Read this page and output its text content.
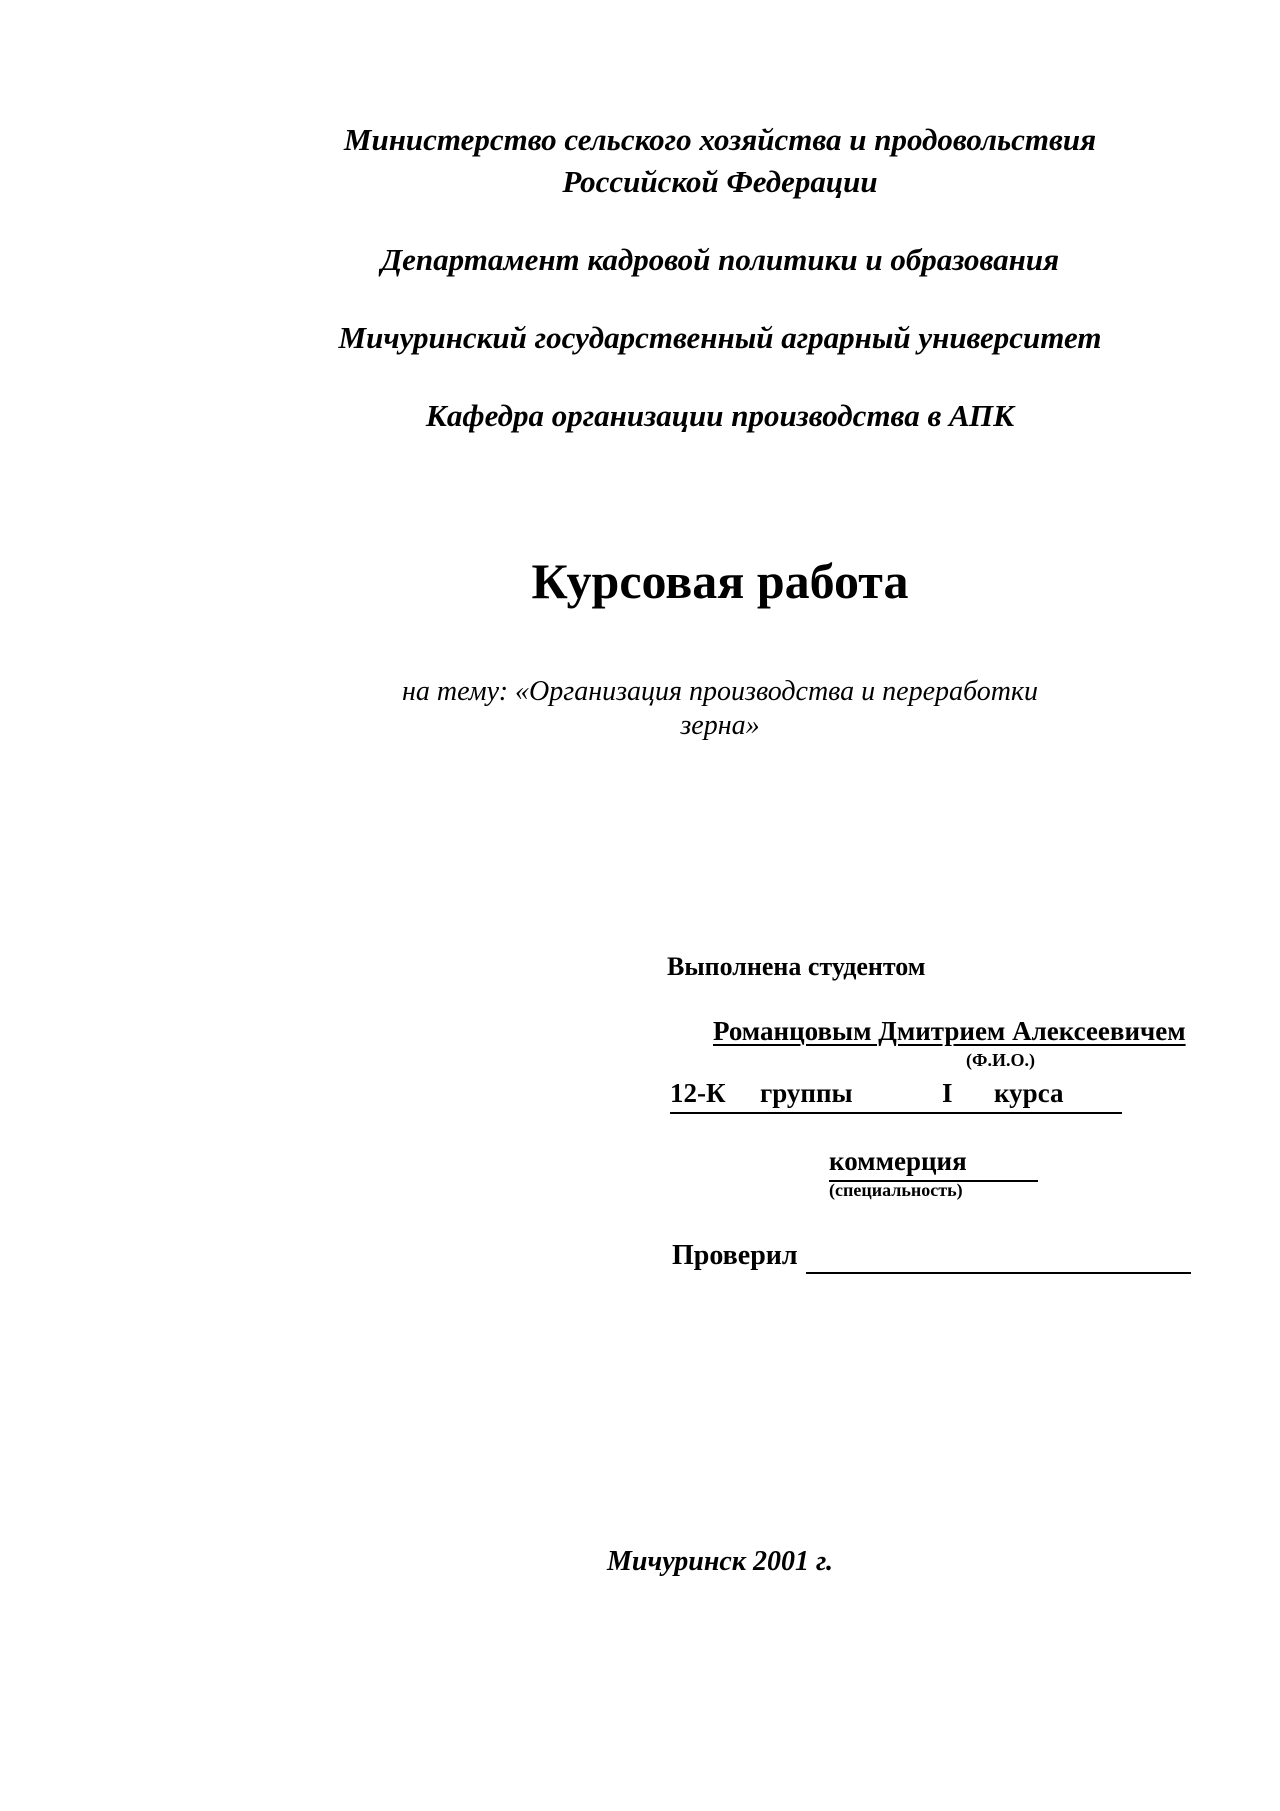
Министерство сельского хозяйства и продовольствия
Российской Федерации
Департамент кадровой политики и образования
Мичуринский государственный аграрный университет
Кафедра организации производства в АПК
Курсовая работа
на тему: «Организация производства и переработки
зерна»
Выполнена студентом
Романцовым Дмитрием Алексеевичем
(Ф.И.О.)
12-К группы	I курса
коммерция
(специальность)
Проверил
Мичуринск 2001 г.
